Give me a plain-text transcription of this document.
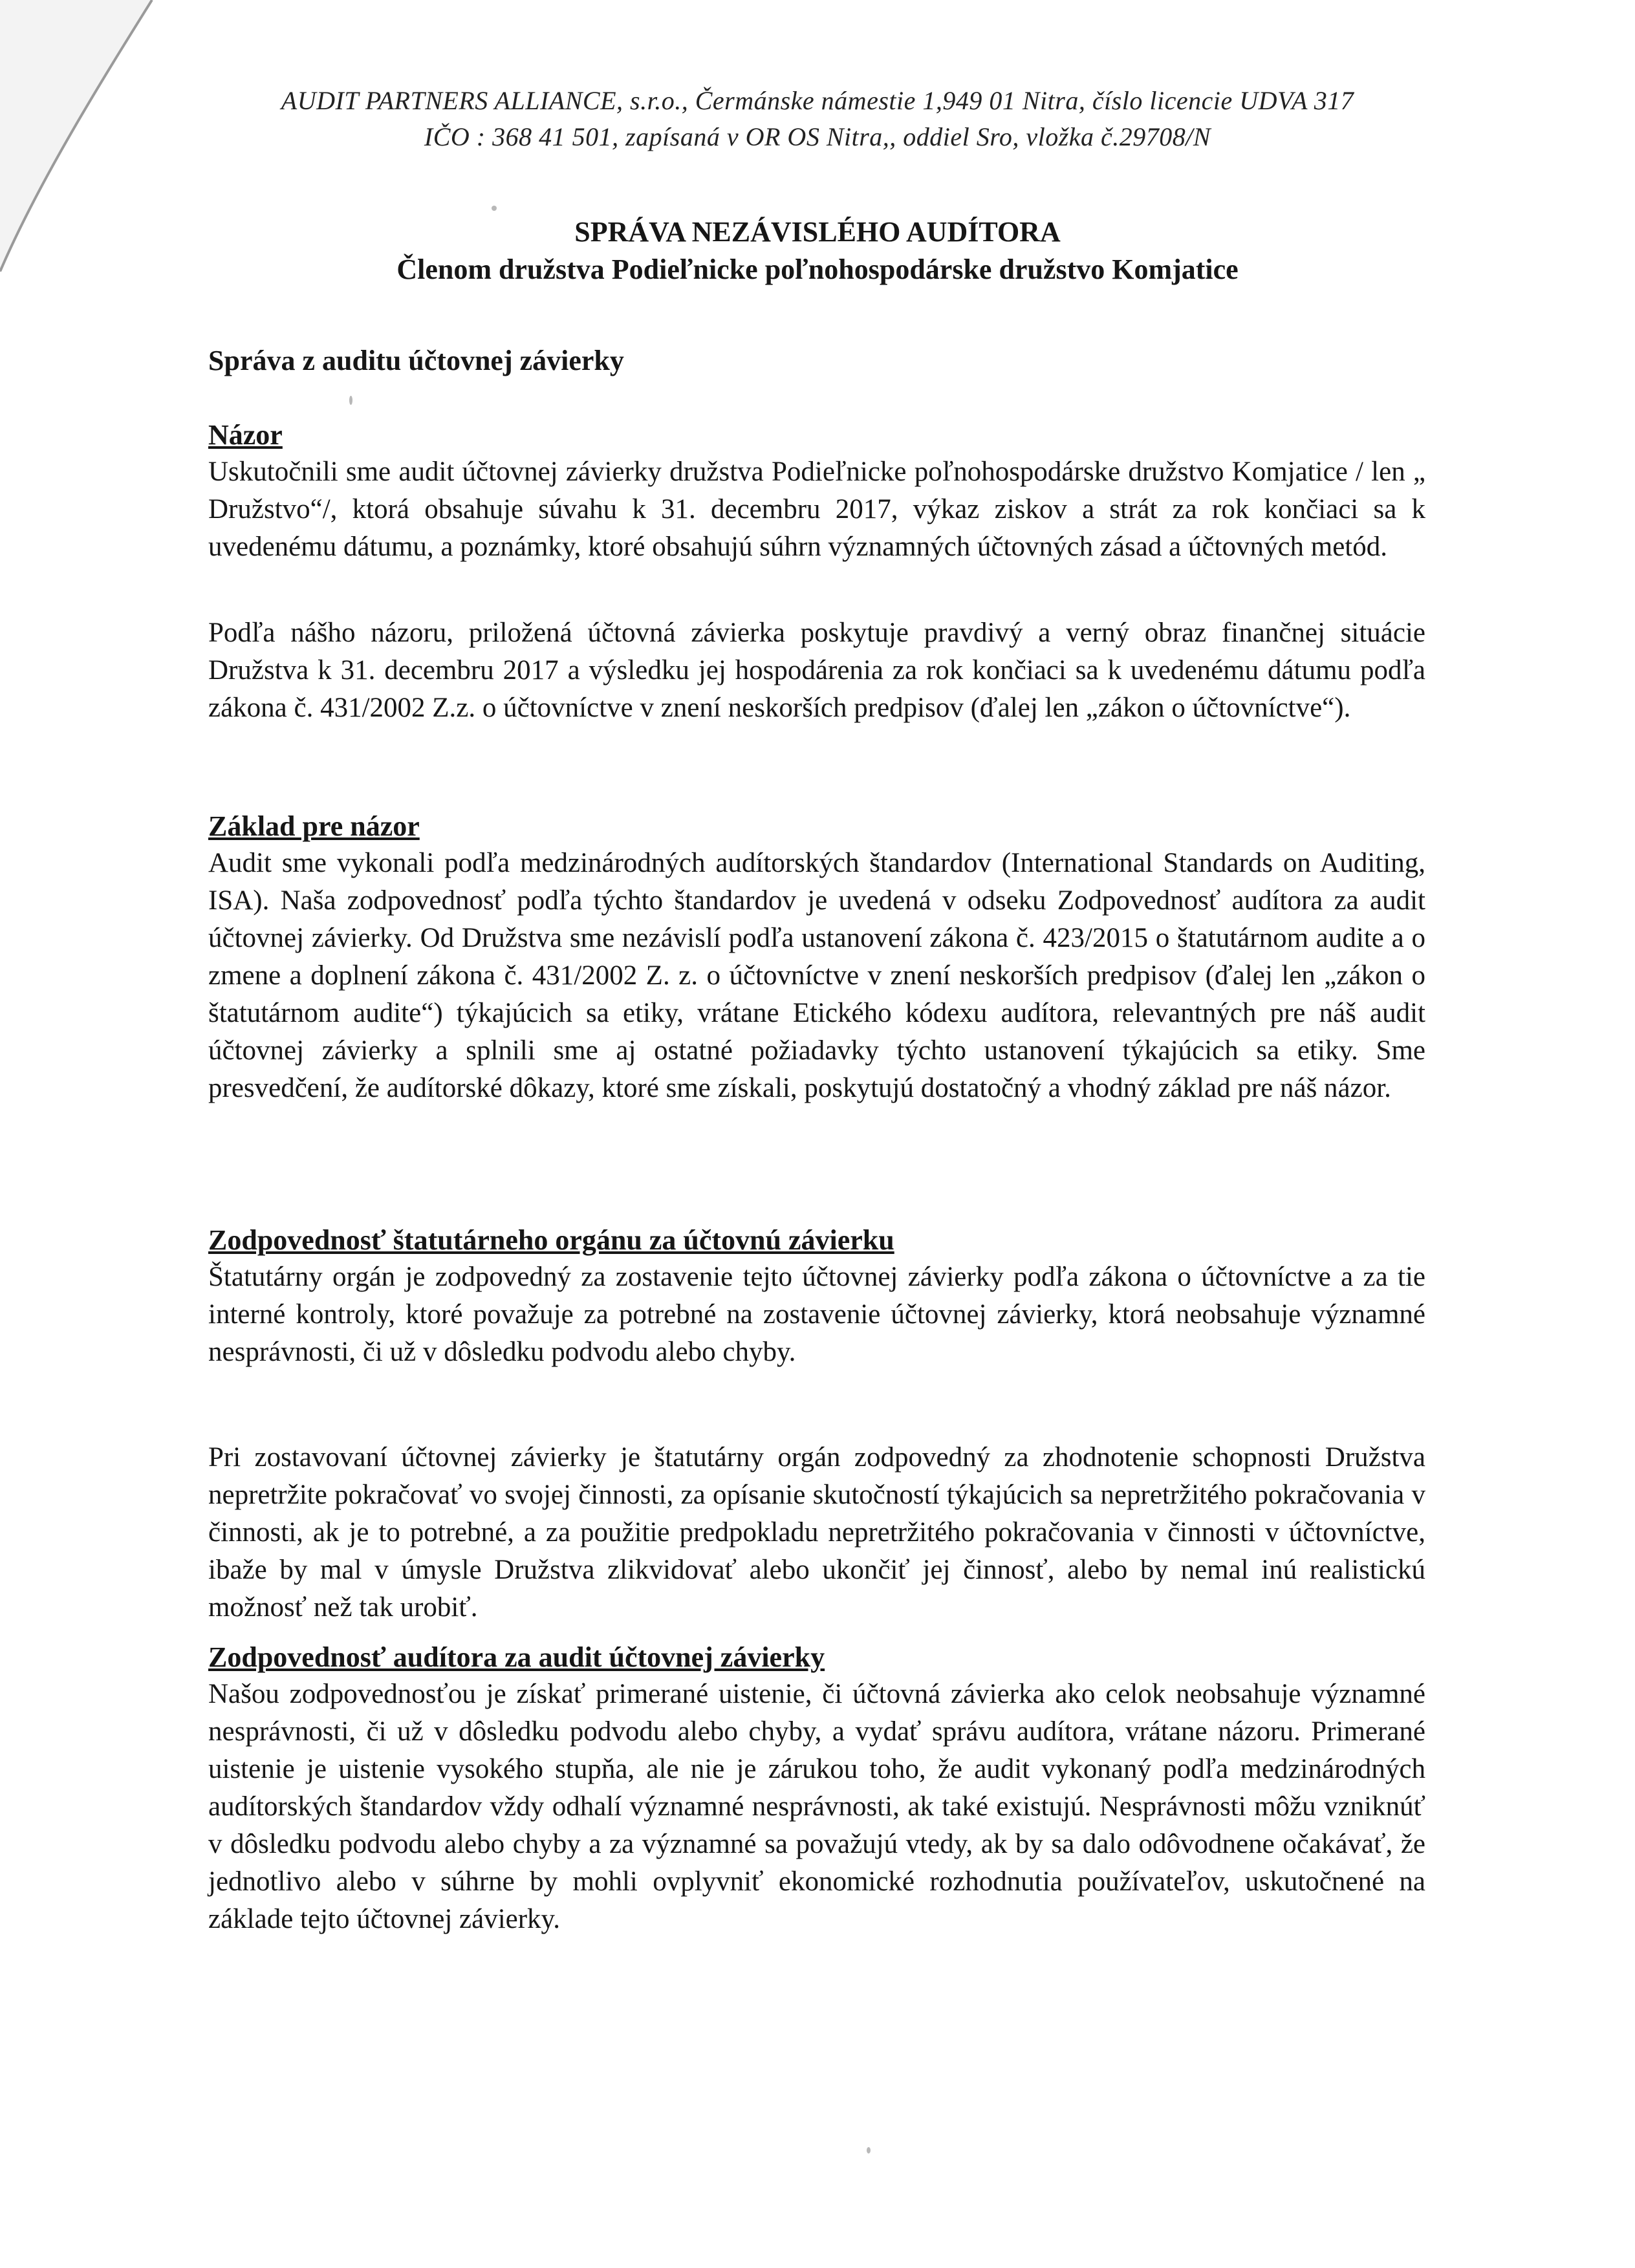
AUDIT PARTNERS ALLIANCE, s.r.o., Čermánske námestie 1,949 01 Nitra, číslo licencie UDVA 317
IČO : 368 41 501, zapísaná v OR OS Nitra,, oddiel Sro, vložka č.29708/N
SPRÁVA NEZÁVISLÉHO AUDÍTORA
Členom družstva Podieľnicke poľnohospodárske družstvo Komjatice
Správa z auditu účtovnej závierky
Názor

Uskutočnili sme audit účtovnej závierky družstva Podieľnicke poľnohospodárske družstvo Komjatice / len „ Družstvo“/, ktorá obsahuje súvahu k 31. decembru 2017, výkaz ziskov a strát za rok končiaci sa k uvedenému dátumu, a poznámky, ktoré obsahujú súhrn významných účtovných zásad a účtovných metód.

Podľa nášho názoru, priložená účtovná závierka poskytuje pravdivý a verný obraz finančnej situácie Družstva k 31. decembru 2017 a výsledku jej hospodárenia za rok končiaci sa k uvedenému dátumu podľa zákona č. 431/2002 Z.z. o účtovníctve v znení neskorších predpisov (ďalej len „zákon o účtovníctve“).

Základ pre názor

Audit sme vykonali podľa medzinárodných audítorských štandardov (International Standards on Auditing, ISA). Naša zodpovednosť podľa týchto štandardov je uvedená v odseku Zodpovednosť audítora za audit účtovnej závierky. Od Družstva sme nezávislí podľa ustanovení zákona č. 423/2015 o štatutárnom audite a o zmene a doplnení zákona č. 431/2002 Z. z. o účtovníctve v znení neskorších predpisov (ďalej len „zákon o štatutárnom audite“) týkajúcich sa etiky, vrátane Etického kódexu audítora, relevantných pre náš audit účtovnej závierky a splnili sme aj ostatné požiadavky týchto ustanovení týkajúcich sa etiky. Sme presvedčení, že audítorské dôkazy, ktoré sme získali, poskytujú dostatočný a vhodný základ pre náš názor.

Zodpovednosť štatutárneho orgánu za účtovnú závierku

Štatutárny orgán je zodpovedný za zostavenie tejto účtovnej závierky podľa zákona o účtovníctve a za tie interné kontroly, ktoré považuje za potrebné na zostavenie účtovnej závierky, ktorá neobsahuje významné nesprávnosti, či už v dôsledku podvodu alebo chyby.

Pri zostavovaní účtovnej závierky je štatutárny orgán zodpovedný za zhodnotenie schopnosti Družstva nepretržite pokračovať vo svojej činnosti, za opísanie skutočností týkajúcich sa nepretržitého pokračovania v činnosti, ak je to potrebné, a za použitie predpokladu nepretržitého pokračovania v činnosti v účtovníctve, ibaže by mal v úmysle Družstva zlikvidovať alebo ukončiť jej činnosť, alebo by nemal inú realistickú možnosť než tak urobiť.

Zodpovednosť audítora za audit účtovnej závierky

Našou zodpovednosťou je získať primerané uistenie, či účtovná závierka ako celok neobsahuje významné nesprávnosti, či už v dôsledku podvodu alebo chyby, a vydať správu audítora, vrátane názoru. Primerané uistenie je uistenie vysokého stupňa, ale nie je zárukou toho, že audit vykonaný podľa medzinárodných audítorských štandardov vždy odhalí významné nesprávnosti, ak také existujú. Nesprávnosti môžu vzniknúť v dôsledku podvodu alebo chyby a za významné sa považujú vtedy, ak by sa dalo odôvodnene očakávať, že jednotlivo alebo v súhrne by mohli ovplyvniť ekonomické rozhodnutia používateľov, uskutočnené na základe tejto účtovnej závierky.
